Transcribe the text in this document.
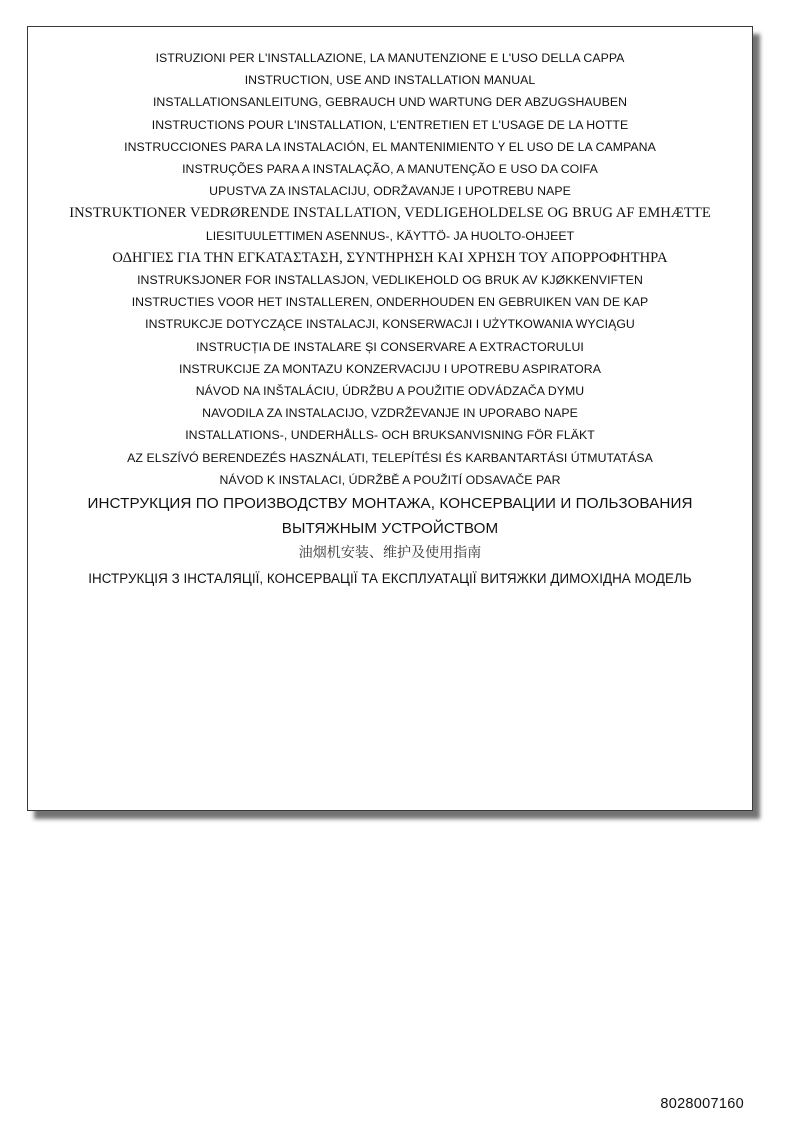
ISTRUZIONI PER L'INSTALLAZIONE, LA MANUTENZIONE E L'USO DELLA CAPPA
INSTRUCTION, USE AND INSTALLATION MANUAL
INSTALLATIONSANLEITUNG, GEBRAUCH UND WARTUNG DER ABZUGSHAUBEN
INSTRUCTIONS POUR L'INSTALLATION, L'ENTRETIEN ET L'USAGE DE LA HOTTE
INSTRUCCIONES PARA LA INSTALACIÓN, EL MANTENIMIENTO Y EL USO DE LA CAMPANA
INSTRUÇÕES PARA A INSTALAÇÃO, A MANUTENÇÃO E USO DA COIFA
UPUSTVA ZA INSTALACIJU, ODRŽAVANJE I UPOTREBU NAPE
INSTRUKTIONER VEDRØRENDE INSTALLATION, VEDLIGEHOLDELSE OG BRUG AF EMHÆTTE
LIESITUULETTIMEN ASENNUS-, KÄYTTÖ- JA HUOLTO-OHJEET
ΟΔΗΓΙΕΣ ΓΙΑ ΤΗΝ ΕΓΚΑΤΑΣΤΑΣΗ, ΣΥΝΤΗΡΗΣΗ ΚΑΙ ΧΡΗΣΗ ΤΟΥ ΑΠΟΡΡΟΦΗΤΗΡΑ
INSTRUKSJONER FOR INSTALLASJON, VEDLIKEHOLD OG BRUK AV KJØKKENVIFTEN
INSTRUCTIES VOOR HET INSTALLEREN, ONDERHOUDEN EN GEBRUIKEN VAN DE KAP
INSTRUKCJE DOTYCZĄCE INSTALACJI, KONSERWACJI I UŻYTKOWANIA WYCIĄGU
INSTRUCȚIA DE INSTALARE ȘI CONSERVARE A EXTRACTORULUI
INSTRUKCIJE ZA MONTAZU KONZERVACIJU I UPOTREBU ASPIRATORA
NÁVOD NA INŠTALÁCIU, ÚDRŽBU A POUŽITIE ODVÁDZAČA DYMU
NAVODILA ZA INSTALACIJO, VZDRŽEVANJE IN UPORABO NAPE
INSTALLATIONS-, UNDERHÅLLS- OCH BRUKSANVISNING FÖR FLÄKT
AZ ELSZÍVÓ BERENDEZÉS HASZNÁLATI, TELEPÍTÉSI ÉS KARBANTARTÁSI ÚTMUTATÁSA
NÁVOD K INSTALACI, ÚDRŽBĚ A POUŽITÍ ODSAVAČE PAR
ИНСТРУКЦИЯ ПО ПРОИЗВОДСТВУ МОНТАЖА, КОНСЕРВАЦИИ И ПОЛЬЗОВАНИЯ
ВЫТЯЖНЫМ УСТРОЙСТВОМ
油烟机安装、维护及使用指南
ІНСТРУКЦІЯ З ІНСТАЛЯЦІЇ, КОНСЕРВАЦІЇ ТА ЕКСПЛУАТАЦІЇ ВИТЯЖКИ ДИМОХІДНА МОДЕЛЬ
8028007160
